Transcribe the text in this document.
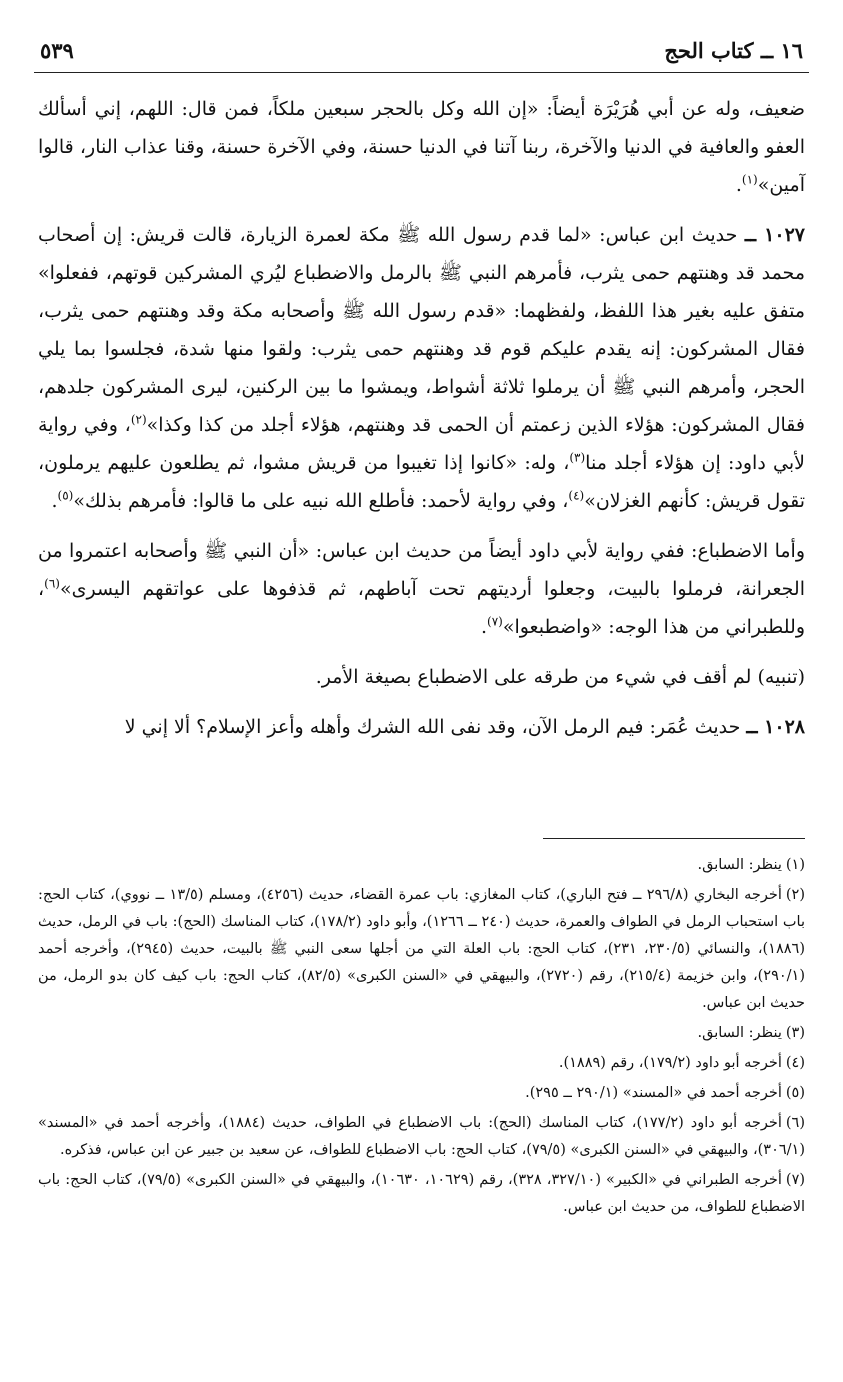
١٦ ــ كتاب الحج
٥٣٩

ضعيف، وله عن أبي هُرَيْرَة أيضاً: «إن الله وكل بالحجر سبعين ملكاً، فمن قال: اللهم، إني أسألك العفو والعافية في الدنيا والآخرة، ربنا آتنا في الدنيا حسنة، وفي الآخرة حسنة، وقنا عذاب النار، قالوا آمين»$^{(١)}$.

١٠٢٧ ــ حديث ابن عباس: «لما قدم رسول الله ﷺ مكة لعمرة الزيارة، قالت قريش: إن أصحاب محمد قد وهنتهم حمى يثرب، فأمرهم النبي ﷺ بالرمل والاضطباع ليُري المشركين قوتهم، ففعلوا» متفق عليه بغير هذا اللفظ، ولفظهما: «قدم رسول الله ﷺ وأصحابه مكة وقد وهنتهم حمى يثرب، فقال المشركون: إنه يقدم عليكم قوم قد وهنتهم حمى يثرب: ولقوا منها شدة، فجلسوا بما يلي الحجر، وأمرهم النبي ﷺ أن يرملوا ثلاثة أشواط، ويمشوا ما بين الركنين، ليرى المشركون جلدهم، فقال المشركون: هؤلاء الذين زعمتم أن الحمى قد وهنتهم، هؤلاء أجلد من كذا وكذا»$^{(٢)}$، وفي رواية لأبي داود: إن هؤلاء أجلد منا$^{(٣)}$، وله: «كانوا إذا تغيبوا من قريش مشوا، ثم يطلعون عليهم يرملون، تقول قريش: كأنهم الغزلان»$^{(٤)}$، وفي رواية لأحمد: فأطلع الله نبيه على ما قالوا: فأمرهم بذلك»$^{(٥)}$.

وأما الاضطباع: ففي رواية لأبي داود أيضاً من حديث ابن عباس: «أن النبي ﷺ وأصحابه اعتمروا من الجعرانة، فرملوا بالبيت، وجعلوا أرديتهم تحت آباطهم، ثم قذفوها على عواتقهم اليسرى»$^{(٦)}$، وللطبراني من هذا الوجه: «واضطبعوا»$^{(٧)}$.

(تنبيه) لم أقف في شيء من طرقه على الاضطباع بصيغة الأمر.

١٠٢٨ ــ حديث عُمَر: فيم الرمل الآن، وقد نفى الله الشرك وأهله وأعز الإسلام؟ ألا إني لا

(١)ينظر: السابق.

(٢)أخرجه البخاري (٢٩٦/٨ ــ فتح الباري)، كتاب المغازي: باب عمرة القضاء، حديث (٤٢٥٦)، ومسلم (١٣/٥ ــ نووي)، كتاب الحج: باب استحباب الرمل في الطواف والعمرة، حديث (٢٤٠ ــ ١٢٦٦)، وأبو داود (١٧٨/٢)، كتاب المناسك (الحج): باب في الرمل، حديث (١٨٨٦)، والنسائي (٢٣٠/٥، ٢٣١)، كتاب الحج: باب العلة التي من أجلها سعى النبي ﷺ بالبيت، حديث (٢٩٤٥)، وأخرجه أحمد (٢٩٠/١)، وابن خزيمة (٢١٥/٤)، رقم (٢٧٢٠)، والبيهقي في «السنن الكبرى» (٨٢/٥)، كتاب الحج: باب كيف كان بدو الرمل، من حديث ابن عباس.

(٣)ينظر: السابق.

(٤)أخرجه أبو داود (١٧٩/٢)، رقم (١٨٨٩).

(٥)أخرجه أحمد في «المسند» (٢٩٠/١ ــ ٢٩٥).

(٦)أخرجه أبو داود (١٧٧/٢)، كتاب المناسك (الحج): باب الاضطباع في الطواف، حديث (١٨٨٤)، وأخرجه أحمد في «المسند» (٣٠٦/١)، والبيهقي في «السنن الكبرى» (٧٩/٥)، كتاب الحج: باب الاضطباع للطواف، عن سعيد بن جبير عن ابن عباس، فذكره.

(٧)أخرجه الطبراني في «الكبير» (٣٢٧/١٠، ٣٢٨)، رقم (١٠٦٢٩، ١٠٦٣٠)، والبيهقي في «السنن الكبرى» (٧٩/٥)، كتاب الحج: باب الاضطباع للطواف، من حديث ابن عباس.
